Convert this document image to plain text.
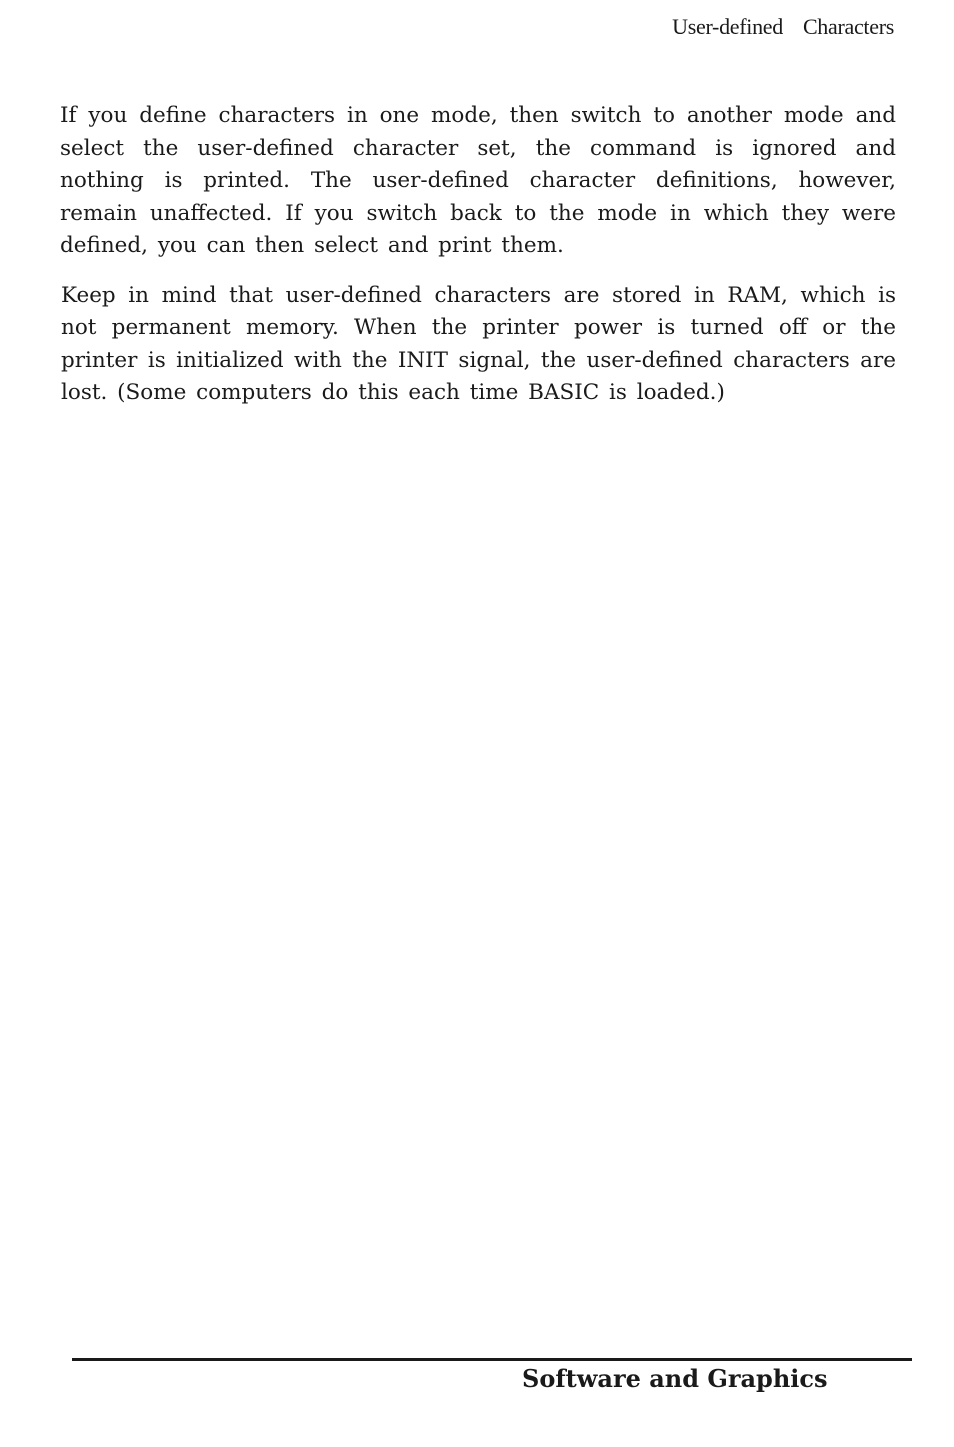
User-defined Characters

If you define characters in one mode, then switch to another mode and select the user-defined character set, the command is ignored and nothing is printed. The user-defined character definitions, however, remain unaffected. If you switch back to the mode in which they were defined, you can then select and print them.

Keep in mind that user-defined characters are stored in RAM, which is not permanent memory. When the printer power is turned off or the printer is initialized with the INIT signal, the user-defined characters are lost. (Some computers do this each time BASIC is loaded.)

Software and Graphics
